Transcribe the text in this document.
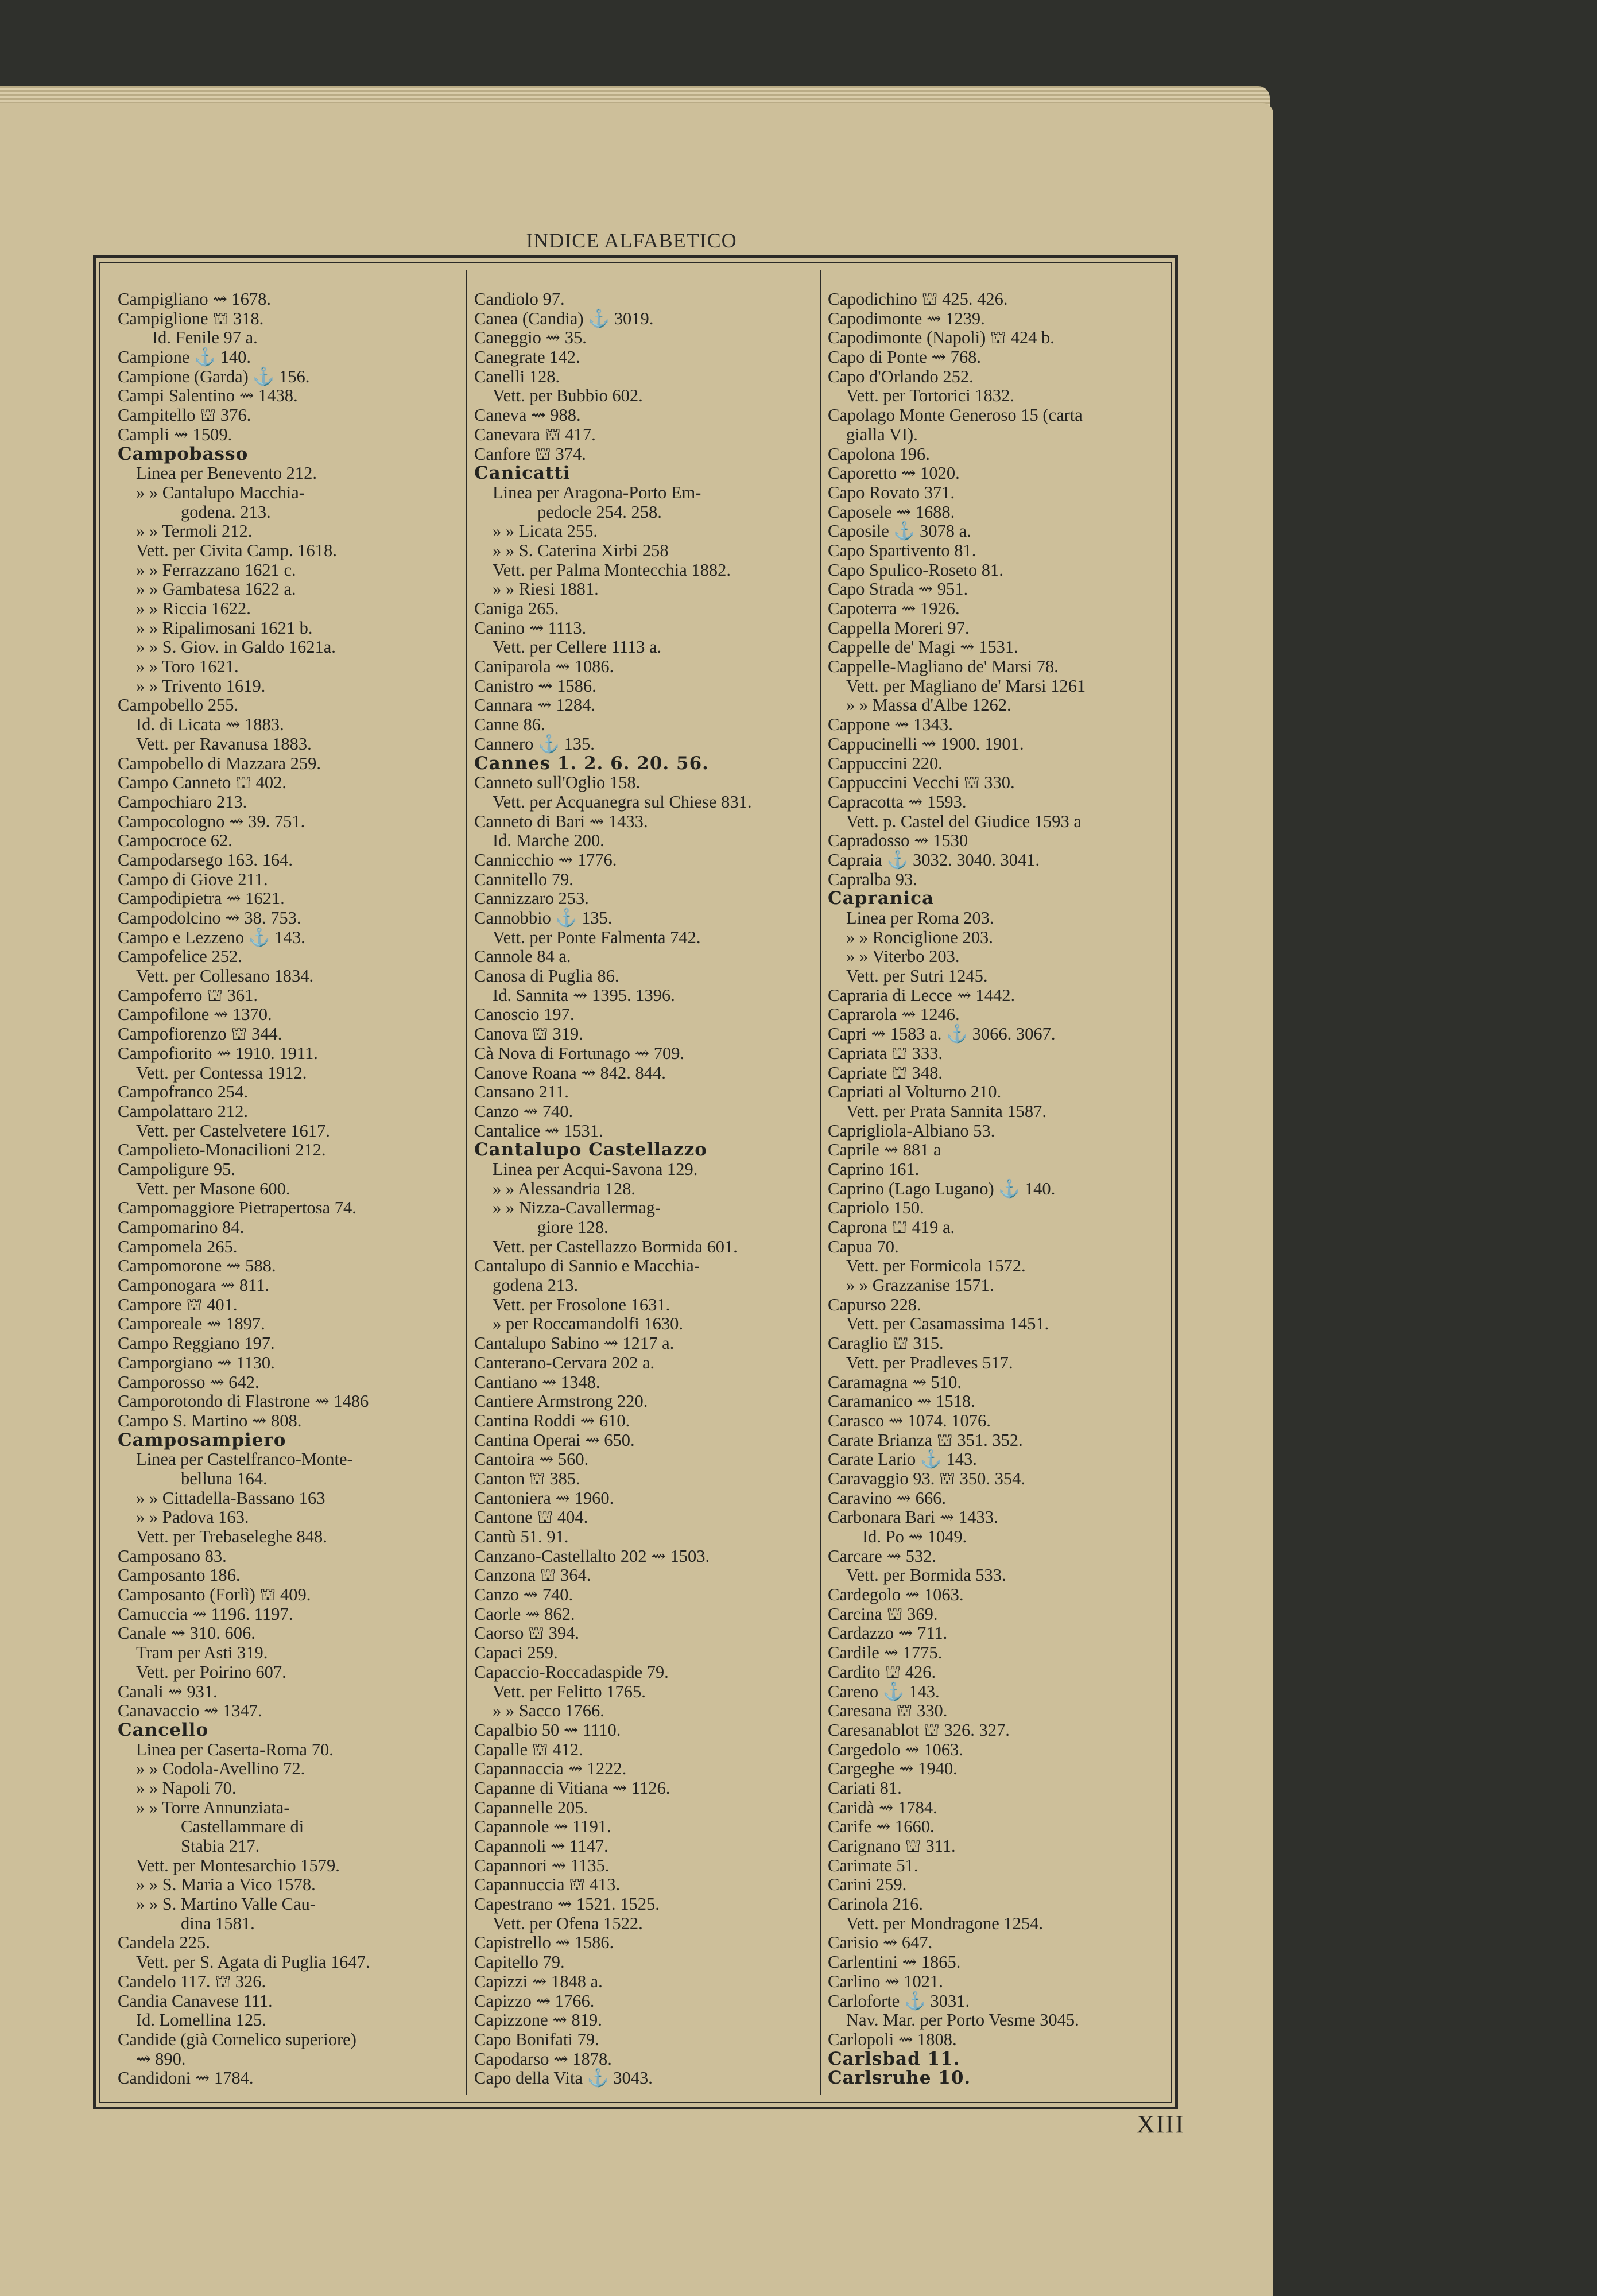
INDICE ALFABETICO
Campigliano ⇝ 1678.
Campiglione ⛫ 318.
Id. Fenile 97 a.
Campione ⚓ 140.
Campione (Garda) ⚓ 156.
Campi Salentino ⇝ 1438.
Campitello ⛫ 376.
Campli ⇝ 1509.
Campobasso
Linea per Benevento 212.
» » Cantalupo Macchia-
godena. 213.
» » Termoli 212.
Vett. per Civita Camp. 1618.
» » Ferrazzano 1621 c.
» » Gambatesa 1622 a.
» » Riccia 1622.
» » Ripalimosani 1621 b.
» » S. Giov. in Galdo 1621a.
» » Toro 1621.
» » Trivento 1619.
Campobello 255.
Id. di Licata ⇝ 1883.
Vett. per Ravanusa 1883.
Campobello di Mazzara 259.
Campo Canneto ⛫ 402.
Campochiaro 213.
Campocologno ⇝ 39. 751.
Campocroce 62.
Campodarsego 163. 164.
Campo di Giove 211.
Campodipietra ⇝ 1621.
Campodolcino ⇝ 38. 753.
Campo e Lezzeno ⚓ 143.
Campofelice 252.
Vett. per Collesano 1834.
Campoferro ⛫ 361.
Campofilone ⇝ 1370.
Campofiorenzo ⛫ 344.
Campofiorito ⇝ 1910. 1911.
Vett. per Contessa 1912.
Campofranco 254.
Campolattaro 212.
Vett. per Castelvetere 1617.
Campolieto-Monacilioni 212.
Campoligure 95.
Vett. per Masone 600.
Campomaggiore Pietrapertosa 74.
Campomarino 84.
Campomela 265.
Campomorone ⇝ 588.
Camponogara ⇝ 811.
Campore ⛫ 401.
Camporeale ⇝ 1897.
Campo Reggiano 197.
Camporgiano ⇝ 1130.
Camporosso ⇝ 642.
Camporotondo di Flastrone ⇝ 1486
Campo S. Martino ⇝ 808.
Camposampiero
Linea per Castelfranco-Monte-
belluna 164.
» » Cittadella-Bassano 163
» » Padova 163.
Vett. per Trebaseleghe 848.
Camposano 83.
Camposanto 186.
Camposanto (Forlì) ⛫ 409.
Camuccia ⇝ 1196. 1197.
Canale ⇝ 310. 606.
Tram per Asti 319.
Vett. per Poirino 607.
Canali ⇝ 931.
Canavaccio ⇝ 1347.
Cancello
Linea per Caserta-Roma 70.
» » Codola-Avellino 72.
» » Napoli 70.
» » Torre Annunziata-
Castellammare di
Stabia 217.
Vett. per Montesarchio 1579.
» » S. Maria a Vico 1578.
» » S. Martino Valle Cau-
dina 1581.
Candela 225.
Vett. per S. Agata di Puglia 1647.
Candelo 117. ⛫ 326.
Candia Canavese 111.
Id. Lomellina 125.
Candide (già Cornelico superiore)
⇝ 890.
Candidoni ⇝ 1784.
Candiolo 97.
Canea (Candia) ⚓ 3019.
Caneggio ⇝ 35.
Canegrate 142.
Canelli 128.
Vett. per Bubbio 602.
Caneva ⇝ 988.
Canevara ⛫ 417.
Canfore ⛫ 374.
Canicatti
Linea per Aragona-Porto Em-
pedocle 254. 258.
» » Licata 255.
» » S. Caterina Xirbi 258
Vett. per Palma Montecchia 1882.
» » Riesi 1881.
Caniga 265.
Canino ⇝ 1113.
Vett. per Cellere 1113 a.
Caniparola ⇝ 1086.
Canistro ⇝ 1586.
Cannara ⇝ 1284.
Canne 86.
Cannero ⚓ 135.
Cannes 1. 2. 6. 20. 56.
Canneto sull'Oglio 158.
Vett. per Acquanegra sul Chiese 831.
Canneto di Bari ⇝ 1433.
Id. Marche 200.
Cannicchio ⇝ 1776.
Cannitello 79.
Cannizzaro 253.
Cannobbio ⚓ 135.
Vett. per Ponte Falmenta 742.
Cannole 84 a.
Canosa di Puglia 86.
Id. Sannita ⇝ 1395. 1396.
Canoscio 197.
Canova ⛫ 319.
Cà Nova di Fortunago ⇝ 709.
Canove Roana ⇝ 842. 844.
Cansano 211.
Canzo ⇝ 740.
Cantalice ⇝ 1531.
Cantalupo Castellazzo
Linea per Acqui-Savona 129.
» » Alessandria 128.
» » Nizza-Cavallermag-
giore 128.
Vett. per Castellazzo Bormida 601.
Cantalupo di Sannio e Macchia-
godena 213.
Vett. per Frosolone 1631.
» per Roccamandolfi 1630.
Cantalupo Sabino ⇝ 1217 a.
Canterano-Cervara 202 a.
Cantiano ⇝ 1348.
Cantiere Armstrong 220.
Cantina Roddi ⇝ 610.
Cantina Operai ⇝ 650.
Cantoira ⇝ 560.
Canton ⛫ 385.
Cantoniera ⇝ 1960.
Cantone ⛫ 404.
Cantù 51. 91.
Canzano-Castellalto 202 ⇝ 1503.
Canzona ⛫ 364.
Canzo ⇝ 740.
Caorle ⇝ 862.
Caorso ⛫ 394.
Capaci 259.
Capaccio-Roccadaspide 79.
Vett. per Felitto 1765.
» » Sacco 1766.
Capalbio 50 ⇝ 1110.
Capalle ⛫ 412.
Capannaccia ⇝ 1222.
Capanne di Vitiana ⇝ 1126.
Capannelle 205.
Capannole ⇝ 1191.
Capannoli ⇝ 1147.
Capannori ⇝ 1135.
Capannuccia ⛫ 413.
Capestrano ⇝ 1521. 1525.
Vett. per Ofena 1522.
Capistrello ⇝ 1586.
Capitello 79.
Capizzi ⇝ 1848 a.
Capizzo ⇝ 1766.
Capizzone ⇝ 819.
Capo Bonifati 79.
Capodarso ⇝ 1878.
Capo della Vita ⚓ 3043.
Capodichino ⛫ 425. 426.
Capodimonte ⇝ 1239.
Capodimonte (Napoli) ⛫ 424 b.
Capo di Ponte ⇝ 768.
Capo d'Orlando 252.
Vett. per Tortorici 1832.
Capolago Monte Generoso 15 (carta
gialla VI).
Capolona 196.
Caporetto ⇝ 1020.
Capo Rovato 371.
Caposele ⇝ 1688.
Caposile ⚓ 3078 a.
Capo Spartivento 81.
Capo Spulico-Roseto 81.
Capo Strada ⇝ 951.
Capoterra ⇝ 1926.
Cappella Moreri 97.
Cappelle de' Magi ⇝ 1531.
Cappelle-Magliano de' Marsi 78.
Vett. per Magliano de' Marsi 1261
» » Massa d'Albe 1262.
Cappone ⇝ 1343.
Cappucinelli ⇝ 1900. 1901.
Cappuccini 220.
Cappuccini Vecchi ⛫ 330.
Capracotta ⇝ 1593.
Vett. p. Castel del Giudice 1593 a
Capradosso ⇝ 1530
Capraia ⚓ 3032. 3040. 3041.
Capralba 93.
Capranica
Linea per Roma 203.
» » Ronciglione 203.
» » Viterbo 203.
Vett. per Sutri 1245.
Capraria di Lecce ⇝ 1442.
Caprarola ⇝ 1246.
Capri ⇝ 1583 a. ⚓ 3066. 3067.
Capriata ⛫ 333.
Capriate ⛫ 348.
Capriati al Volturno 210.
Vett. per Prata Sannita 1587.
Caprigliola-Albiano 53.
Caprile ⇝ 881 a
Caprino 161.
Caprino (Lago Lugano) ⚓ 140.
Capriolo 150.
Caprona ⛫ 419 a.
Capua 70.
Vett. per Formicola 1572.
» » Grazzanise 1571.
Capurso 228.
Vett. per Casamassima 1451.
Caraglio ⛫ 315.
Vett. per Pradleves 517.
Caramagna ⇝ 510.
Caramanico ⇝ 1518.
Carasco ⇝ 1074. 1076.
Carate Brianza ⛫ 351. 352.
Carate Lario ⚓ 143.
Caravaggio 93. ⛫ 350. 354.
Caravino ⇝ 666.
Carbonara Bari ⇝ 1433.
Id. Po ⇝ 1049.
Carcare ⇝ 532.
Vett. per Bormida 533.
Cardegolo ⇝ 1063.
Carcina ⛫ 369.
Cardazzo ⇝ 711.
Cardile ⇝ 1775.
Cardito ⛫ 426.
Careno ⚓ 143.
Caresana ⛫ 330.
Caresanablot ⛫ 326. 327.
Cargedolo ⇝ 1063.
Cargeghe ⇝ 1940.
Cariati 81.
Caridà ⇝ 1784.
Carife ⇝ 1660.
Carignano ⛫ 311.
Carimate 51.
Carini 259.
Carinola 216.
Vett. per Mondragone 1254.
Carisio ⇝ 647.
Carlentini ⇝ 1865.
Carlino ⇝ 1021.
Carloforte ⚓ 3031.
Nav. Mar. per Porto Vesme 3045.
Carlopoli ⇝ 1808.
Carlsbad 11.
Carlsruhe 10.
XIII
